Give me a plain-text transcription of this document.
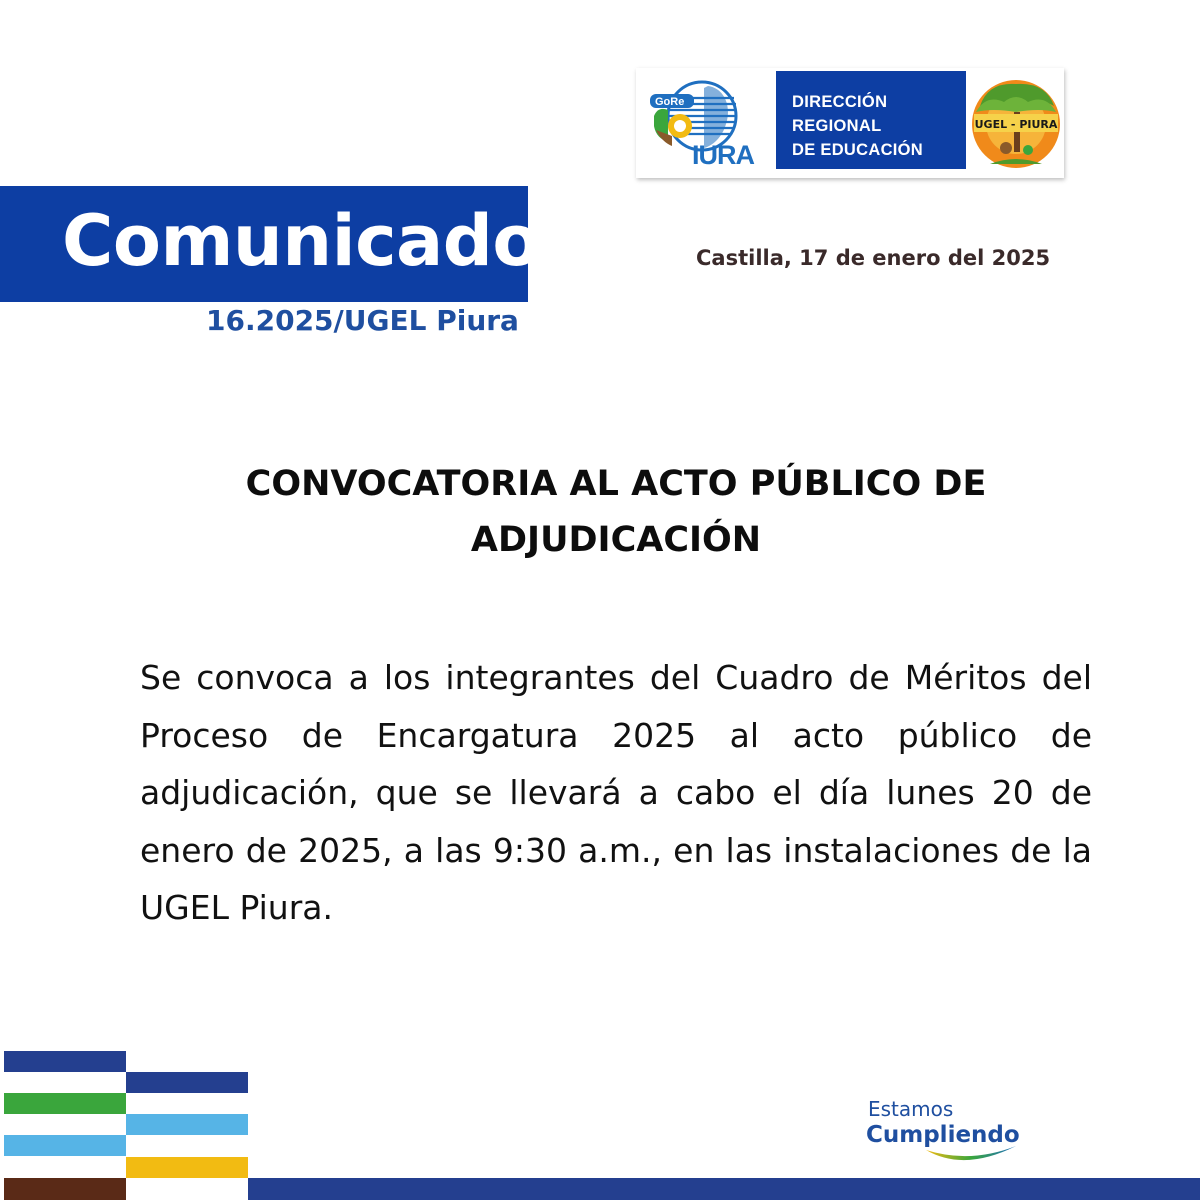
GoRe
IURA
DIRECCIÓN
REGIONAL
DE EDUCACIÓN
UGEL - PIURA
Comunicado
16.2025/UGEL Piura
Castilla, 17 de enero del 2025
CONVOCATORIA AL ACTO PÚBLICO DE
ADJUDICACIÓN
Se convoca a los integrantes del Cuadro de Méritos del Proceso de Encargatura 2025 al acto público de adjudicación, que se llevará a cabo el día lunes 20 de enero de 2025, a las 9:30 a.m., en las instalaciones de la UGEL Piura.
Estamos
Cumpliendo
